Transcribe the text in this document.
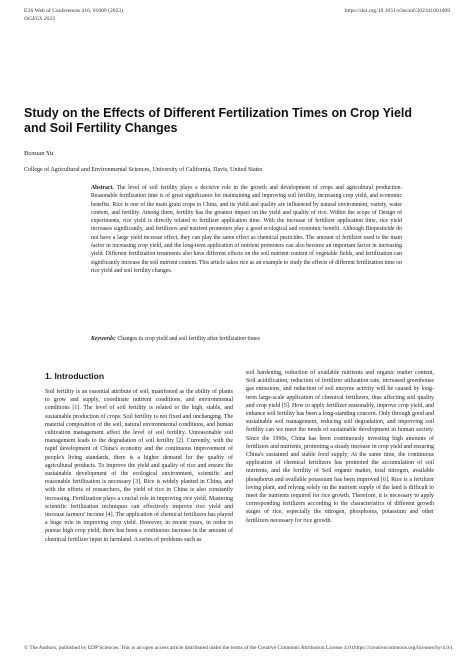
E3S Web of Conferences 416, 01009 (2023)	https://doi.org/10.1051/e3sconf/202341601009
OGEGS 2023
Study on the Effects of Different Fertilization Times on Crop Yield and Soil Fertility Changes
Boxuan Yu
College of Agricultural and Environmental Sciences, University of California, Davis, United States

Abstract. The level of soil fertility plays a decisive role in the growth and development of crops and agricultural production. Reasonable fertilization time is of great significance for maintaining and improving soil fertility, increasing crop yield, and economic benefits. Rice is one of the main grain crops in China, and its yield and quality are influenced by natural environment, variety, water content, and fertility. Among them, fertility has the greatest impact on the yield and quality of rice. Within the scope of Design of experiments, rice yield is directly related to fertilizer application time. With the increase of fertilizer application time, rice yield increases significantly, and fertilizers and nutrient promoters play a good ecological and economic benefit. Although Biopesticide do not have a large yield increase effect, they can play the same effect as chemical pesticides. The amount of fertilizer used is the main factor in increasing crop yield, and the long-term application of nutrient promoters can also become an important factor in increasing yield. Different fertilization treatments also have different effects on the soil nutrient content of vegetable fields, and fertilization can significantly increase the soil nutrient content. This article takes rice as an example to study the effects of different fertilization time on rice yield and soil fertility changes.

Keywords: Changes in crop yield and soil fertility after fertilization times
1. Introduction

Soil fertility is an essential attribute of soil, manifested as the ability of plants to grow and supply, coordinate nutrient conditions, and environmental conditions [1]. The level of soil fertility is related to the high, stable, and sustainable production of crops. Soil fertility is not fixed and unchanging. The material composition of the soil, natural environmental conditions, and human cultivation management affect the level of soil fertility. Unreasonable soil management leads to the degradation of soil fertility [2]. Currently, with the rapid development of China's economy and the continuous improvement of people's living standards, there is a higher demand for the quality of agricultural products. To improve the yield and quality of rice and ensure the sustainable development of the ecological environment, scientific and reasonable fertilization is necessary [3]. Rice is widely planted in China, and with the efforts of researchers, the yield of rice in China is also constantly increasing. Fertilization plays a crucial role in improving rice yield. Mastering scientific fertilization techniques can effectively improve rice yield and increase farmers' income [4]. The application of chemical fertilizers has played a huge role in improving crop yield. However, in recent years, in order to pursue high crop yield, there has been a continuous increase in the amount of chemical fertilizer input in farmland. A series of problems such as

soil hardening, reduction of available nutrients and organic matter content, Soil acidification, reduction of fertilizer utilization rate, increased greenhouse gas emissions, and reduction of soil enzyme activity will be caused by long-term large-scale application of chemical fertilizers, thus affecting soil quality and crop yield [5]. How to apply fertilizer reasonably, improve crop yield, and enhance soil fertility has been a long-standing concern. Only through good and sustainable soil management, reducing soil degradation, and improving soil fertility can we meet the needs of sustainable development in human society. Since the 1990s, China has been continuously investing high amounts of fertilizers and nutrients, promoting a steady increase in crop yield and ensuring China's sustained and stable food supply; At the same time, the continuous application of chemical fertilizers has promoted the accumulation of soil nutrients, and the fertility of Soil organic matter, total nitrogen, available phosphorus and available potassium has been improved [6]. Rice is a fertilizer loving plant, and relying solely on the nutrient supply of the land is difficult to meet the nutrients required for rice growth. Therefore, it is necessary to apply corresponding fertilizers according to the characteristics of different growth stages of rice, especially the nitrogen, phosphorus, potassium and other fertilizers necessary for rice growth.

© The Authors, published by EDP Sciences. This is an open access article distributed under the terms of the Creative Commons Attribution License 4.0 (https://creativecommons.org/licenses/by/4.0/).
